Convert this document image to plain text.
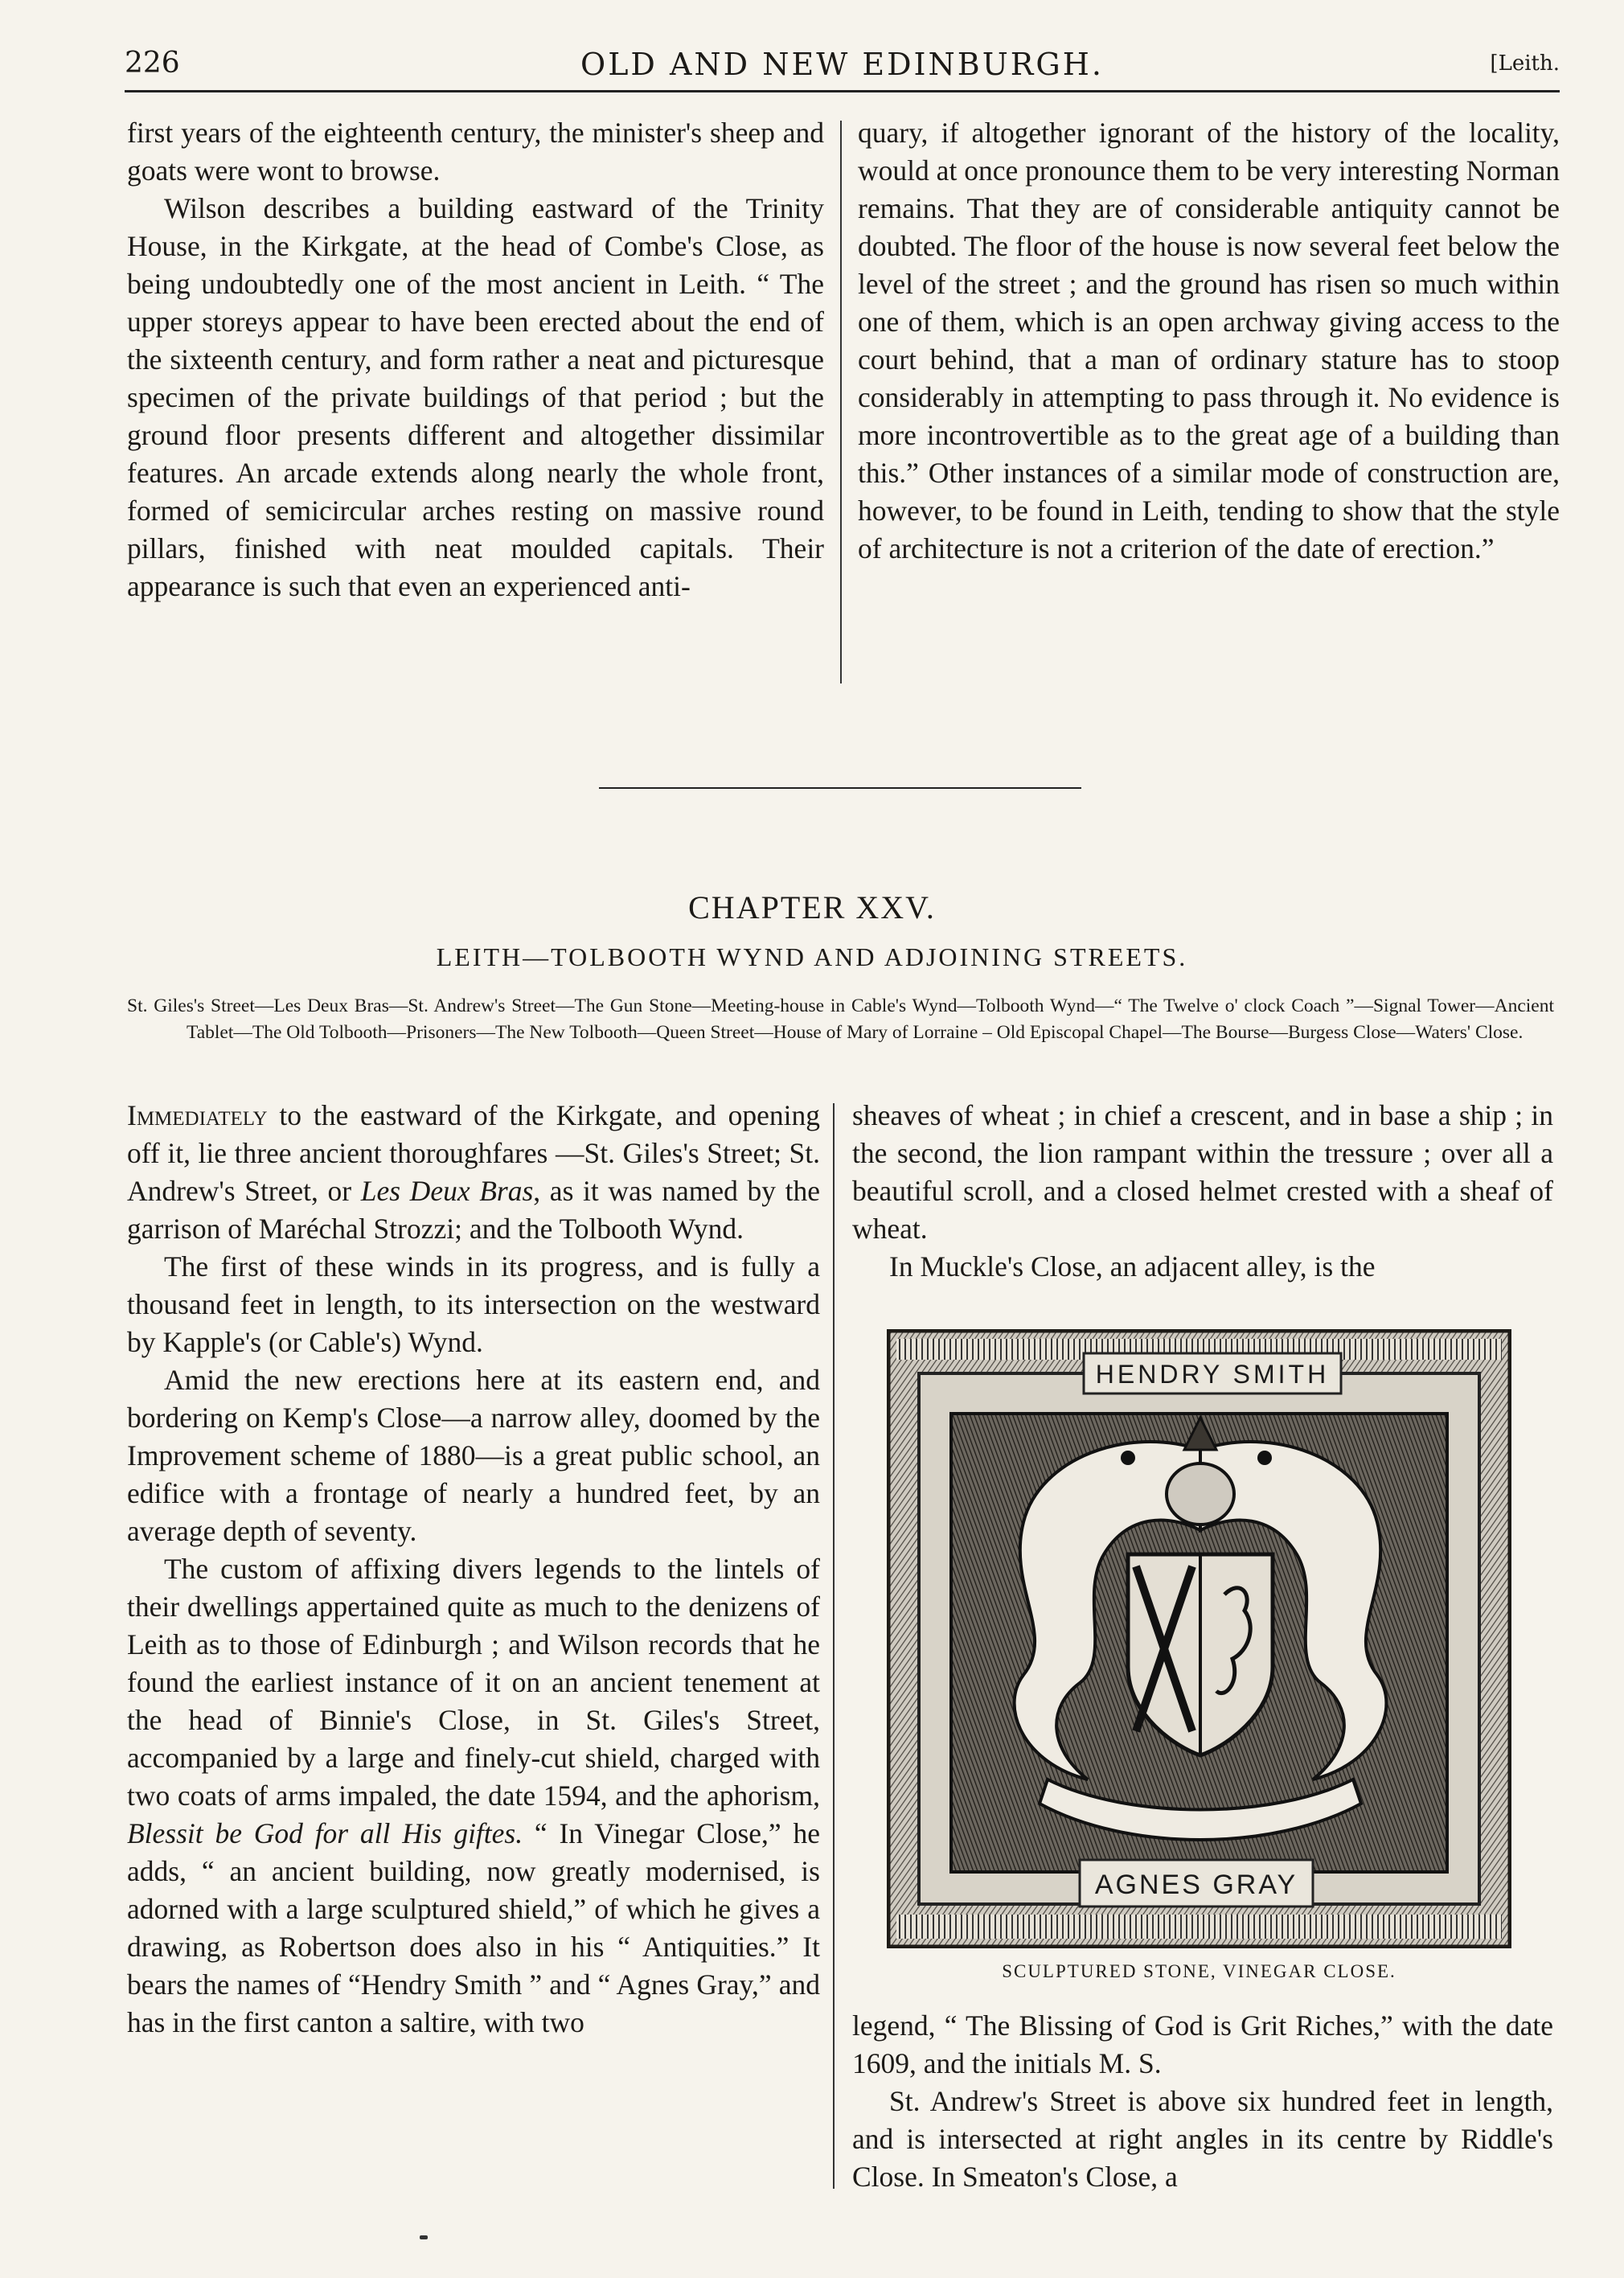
226	OLD AND NEW EDINBURGH.	[Leith.

first years of the eighteenth century, the minister's sheep and goats were wont to browse.

Wilson describes a building eastward of the Trinity House, in the Kirkgate, at the head of Combe's Close, as being undoubtedly one of the most ancient in Leith. “ The upper storeys appear to have been erected about the end of the sixteenth century, and form rather a neat and picturesque specimen of the private buildings of that period ; but the ground floor presents different and altogether dissimilar features. An arcade extends along nearly the whole front, formed of semicircular arches resting on massive round pillars, finished with neat moulded capitals. Their appearance is such that even an experienced anti-

quary, if altogether ignorant of the history of the locality, would at once pronounce them to be very interesting Norman remains. That they are of considerable antiquity cannot be doubted. The floor of the house is now several feet below the level of the street ; and the ground has risen so much within one of them, which is an open archway giving access to the court behind, that a man of ordinary stature has to stoop considerably in attempting to pass through it. No evidence is more incontrovertible as to the great age of a building than this.” Other instances of a similar mode of construction are, however, to be found in Leith, tending to show that the style of architecture is not a criterion of the date of erection.”

CHAPTER XXV.
LEITH—TOLBOOTH WYND AND ADJOINING STREETS.
St. Giles's Street—Les Deux Bras—St. Andrew's Street—The Gun Stone—Meeting-house in Cable's Wynd—Tolbooth Wynd—“ The Twelve o' clock Coach ”—Signal Tower—Ancient Tablet—The Old Tolbooth—Prisoners—The New Tolbooth—Queen Street—House of Mary of Lorraine – Old Episcopal Chapel—The Bourse—Burgess Close—Waters' Close.

Immediately to the eastward of the Kirkgate, and opening off it, lie three ancient thoroughfares —St. Giles's Street; St. Andrew's Street, or Les Deux Bras, as it was named by the garrison of Maréchal Strozzi; and the Tolbooth Wynd.

The first of these winds in its progress, and is fully a thousand feet in length, to its intersection on the westward by Kapple's (or Cable's) Wynd.

Amid the new erections here at its eastern end, and bordering on Kemp's Close—a narrow alley, doomed by the Improvement scheme of 1880—is a great public school, an edifice with a frontage of nearly a hundred feet, by an average depth of seventy.

The custom of affixing divers legends to the lintels of their dwellings appertained quite as much to the denizens of Leith as to those of Edinburgh ; and Wilson records that he found the earliest instance of it on an ancient tenement at the head of Binnie's Close, in St. Giles's Street, accompanied by a large and finely-cut shield, charged with two coats of arms impaled, the date 1594, and the aphorism, Blessit be God for all His giftes. “ In Vinegar Close,” he adds, “ an ancient building, now greatly modernised, is adorned with a large sculptured shield,” of which he gives a drawing, as Robertson does also in his “ Antiquities.” It bears the names of “Hendry Smith ” and “ Agnes Gray,” and has in the first canton a saltire, with two

sheaves of wheat ; in chief a crescent, and in base a ship ; in the second, the lion rampant within the tressure ; over all a beautiful scroll, and a closed helmet crested with a sheaf of wheat.

In Muckle's Close, an adjacent alley, is the

HENDRY SMITH
AGNES GRAY
SCULPTURED STONE, VINEGAR CLOSE.

legend, “ The Blissing of God is Grit Riches,” with the date 1609, and the initials M. S.

St. Andrew's Street is above six hundred feet in length, and is intersected at right angles in its centre by Riddle's Close. In Smeaton's Close, a
